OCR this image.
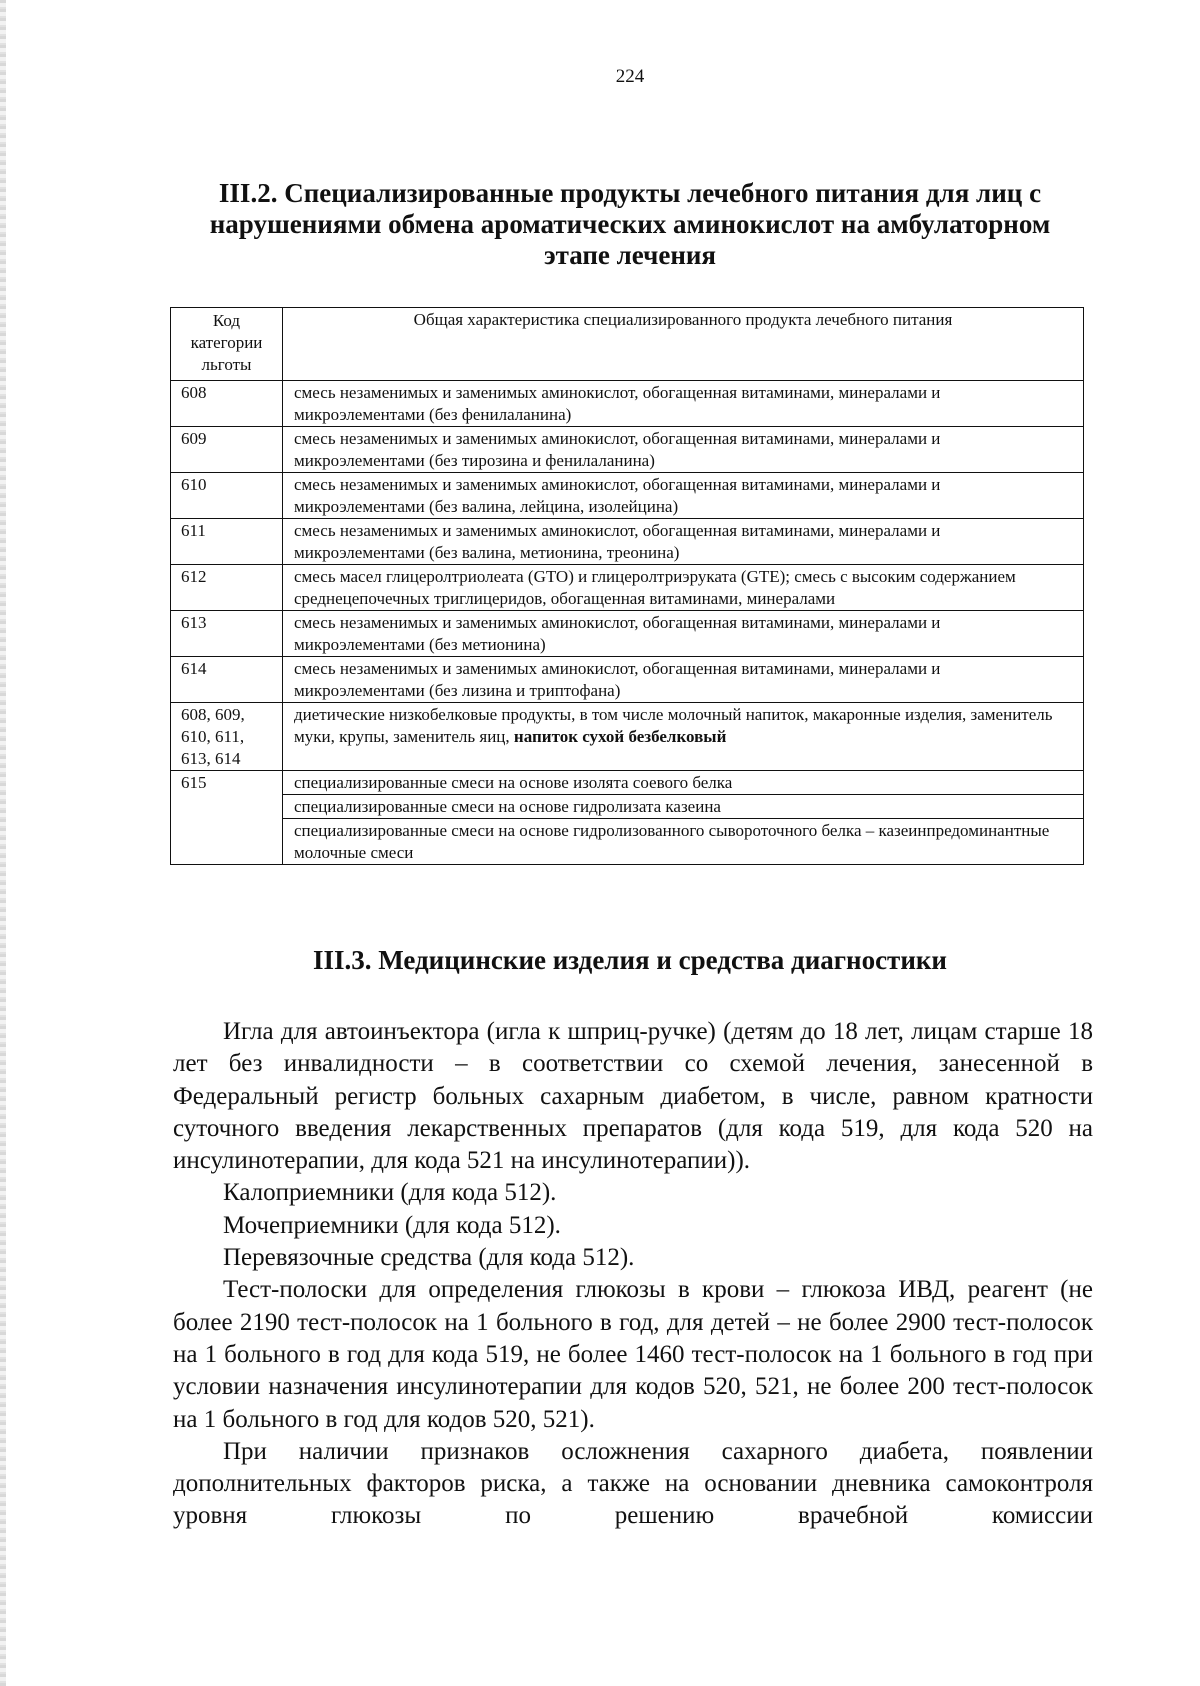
224
III.2. Специализированные продукты лечебного питания для лиц с
нарушениями обмена ароматических аминокислот на амбулаторном
этапе лечения
Код категории льготы	Общая характеристика специализированного продукта лечебного питания
608	смесь незаменимых и заменимых аминокислот, обогащенная витаминами, минералами и микроэлементами (без фенилаланина)
609	смесь незаменимых и заменимых аминокислот, обогащенная витаминами, минералами и микроэлементами (без тирозина и фенилаланина)
610	смесь незаменимых и заменимых аминокислот, обогащенная витаминами, минералами и микроэлементами (без валина, лейцина, изолейцина)
611	смесь незаменимых и заменимых аминокислот, обогащенная витаминами, минералами и микроэлементами (без валина, метионина, треонина)
612	смесь масел глицеролтриолеата (GTO) и глицеролтриэруката (GTE); смесь с высоким содержанием среднецепочечных триглицеридов, обогащенная витаминами, минералами
613	смесь незаменимых и заменимых аминокислот, обогащенная витаминами, минералами и микроэлементами (без метионина)
614	смесь незаменимых и заменимых аминокислот, обогащенная витаминами, минералами и микроэлементами (без лизина и триптофана)
608, 609, 610, 611, 613, 614	диетические низкобелковые продукты, в том числе молочный напиток, макаронные изделия, заменитель муки, крупы, заменитель яиц, напиток сухой безбелковый
615	специализированные смеси на основе изолята соевого белка
	специализированные смеси на основе гидролизата казеина
	специализированные смеси на основе гидролизованного сывороточного белка – казеинпредоминантные молочные смеси
III.3. Медицинские изделия и средства диагностики

Игла для автоинъектора (игла к шприц-ручке) (детям до 18 лет, лицам старше 18 лет без инвалидности – в соответствии со схемой лечения, занесенной в Федеральный регистр больных сахарным диабетом, в числе, равном кратности суточного введения лекарственных препаратов (для кода 519, для кода 520 на инсулинотерапии, для кода 521 на инсулинотерапии)).

Калоприемники (для кода 512).

Мочеприемники (для кода 512).

Перевязочные средства (для кода 512).

Тест-полоски для определения глюкозы в крови – глюкоза ИВД, реагент (не более 2190 тест-полосок на 1 больного в год, для детей – не более 2900 тест-полосок на 1 больного в год для кода 519, не более 1460 тест-полосок на 1 больного в год при условии назначения инсулинотерапии для кодов 520, 521, не более 200 тест-полосок на 1 больного в год для кодов 520, 521).

При наличии признаков осложнения сахарного диабета, появлении дополнительных факторов риска, а также на основании дневника самоконтроля уровня глюкозы по решению врачебной комиссии
